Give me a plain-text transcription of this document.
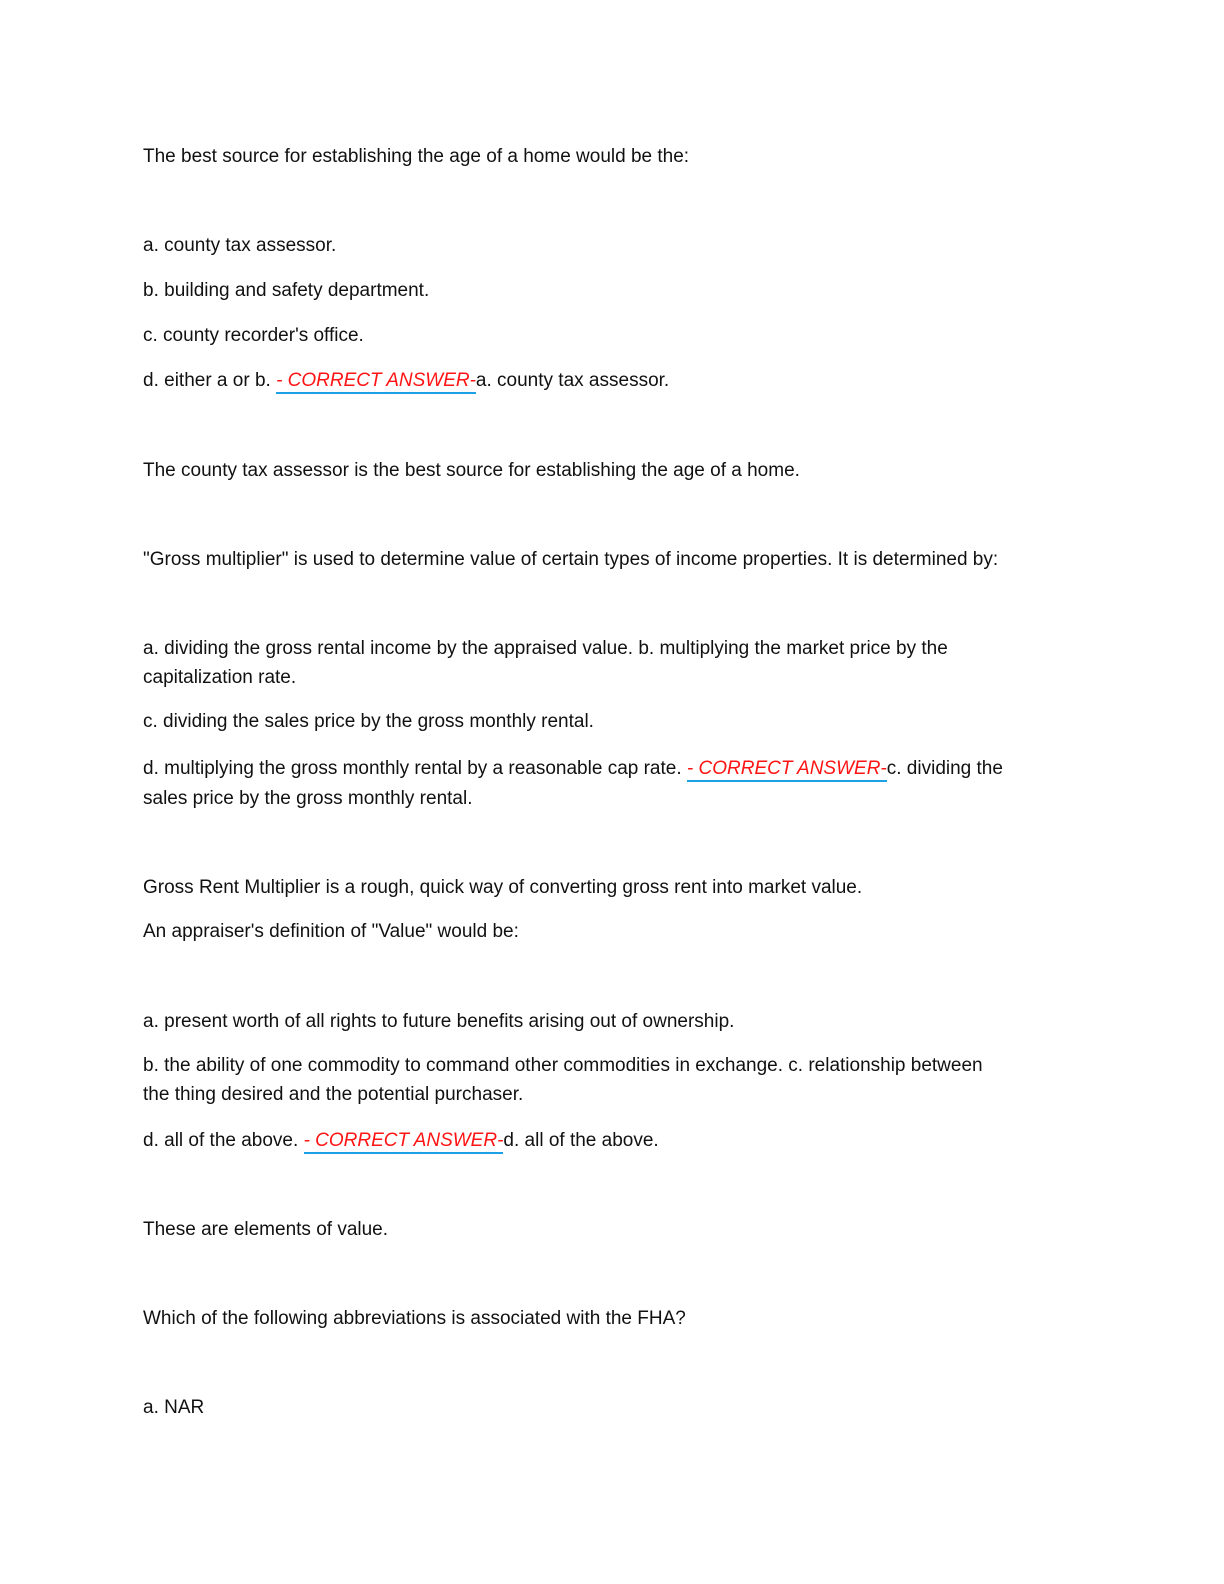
The best source for establishing the age of a home would be the:
a. county tax assessor.
b. building and safety department.
c. county recorder's office.
d. either a or b. - CORRECT ANSWER-a. county tax assessor.
The county tax assessor is the best source for establishing the age of a home.
"Gross multiplier" is used to determine value of certain types of income properties. It is determined by:
a. dividing the gross rental income by the appraised value. b. multiplying the market price by the
capitalization rate.
c. dividing the sales price by the gross monthly rental.
d. multiplying the gross monthly rental by a reasonable cap rate. - CORRECT ANSWER-c. dividing the
sales price by the gross monthly rental.
Gross Rent Multiplier is a rough, quick way of converting gross rent into market value.
An appraiser's definition of "Value" would be:
a. present worth of all rights to future benefits arising out of ownership.
b. the ability of one commodity to command other commodities in exchange. c. relationship between
the thing desired and the potential purchaser.
d. all of the above. - CORRECT ANSWER-d. all of the above.
These are elements of value.
Which of the following abbreviations is associated with the FHA?
a. NAR
